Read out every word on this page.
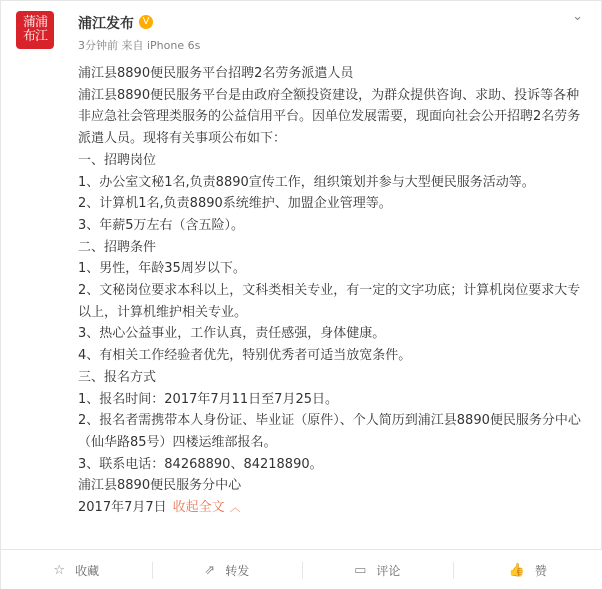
蒲浦布江
浦江发布 V
3分钟前 来自 iPhone 6s
⌄

浦江县8890便民服务平台招聘2名劳务派遣人员

浦江县8890便民服务平台是由政府全额投资建设，为群众提供咨询、求助、投诉等各种非应急社会管理类服务的公益信用平台。因单位发展需要，现面向社会公开招聘2名劳务派遣人员。现将有关事项公布如下：

一、招聘岗位

1、办公室文秘1名,负责8890宣传工作，组织策划并参与大型便民服务活动等。

2、计算机1名,负责8890系统维护、加盟企业管理等。

3、年薪5万左右（含五险）。

二、招聘条件

1、男性，年龄35周岁以下。

2、文秘岗位要求本科以上，文科类相关专业，有一定的文字功底；计算机岗位要求大专以上，计算机维护相关专业。

3、热心公益事业，工作认真，责任感强，身体健康。

4、有相关工作经验者优先，特别优秀者可适当放宽条件。

三、报名方式

1、报名时间：2017年7月11日至7月25日。

2、报名者需携带本人身份证、毕业证（原件）、个人简历到浦江县8890便民服务分中心（仙华路85号）四楼运维部报名。

3、联系电话：84268890、84218890。

浦江县8890便民服务分中心

2017年7月7日 收起全文 ︿

☆ 收藏	⇗ 转发	▭ 评论	👍 赞
